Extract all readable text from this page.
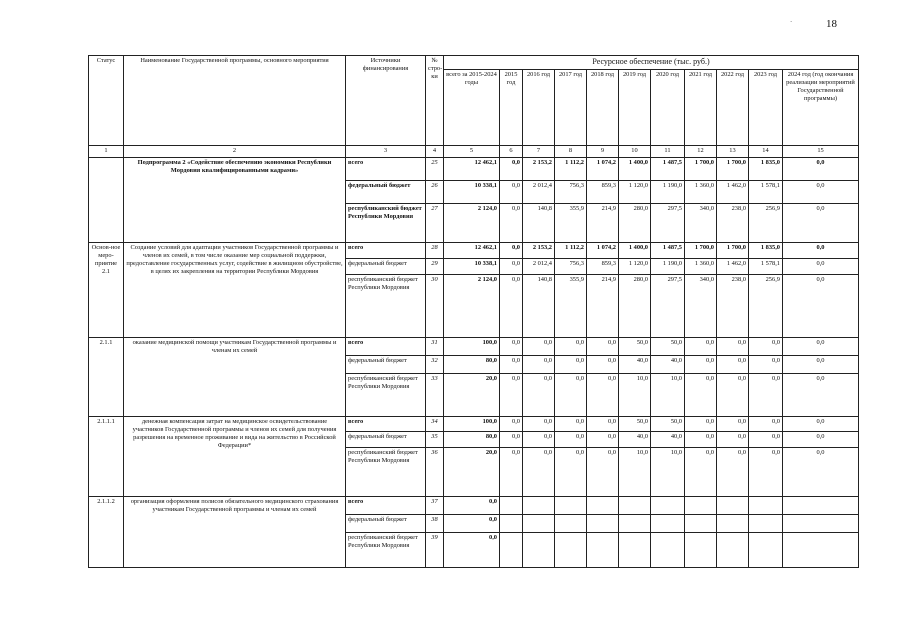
18
`
Статус	Наименование Государственной программы, основного мероприятия	Источники финансирования	№ стро-ки	Ресурсное обеспечение (тыс. руб.)										
				всего за 2015-2024 годы	2015 год	2016 год	2017 год	2018 год	2019 год	2020 год	2021 год	2022 год	2023 год	2024 год (год окончания реализации мероприятий Государственной программы)
1	2	3	4	5	6	7	8	9	10	11	12	13	14	15
	Подпрограмма 2 «Содействие обеспечению экономики Республики Мордовия квалифицированными кадрами»	всего	25	12 462,1	0,0	2 153,2	1 112,2	1 074,2	1 400,0	1 487,5	1 700,0	1 700,0	1 835,0	0,0
		федеральный бюджет	26	10 338,1	0,0	2 012,4	756,3	859,3	1 120,0	1 190,0	1 360,0	1 462,0	1 578,1	0,0
		республиканский бюджет Республики Мордовия	27	2 124,0	0,0	140,8	355,9	214,9	280,0	297,5	340,0	238,0	256,9	0,0
Основ-ное меро-приятие 2.1	Создание условий для адаптации участников Государственной программы и членов их семей, в том числе оказание мер социальной поддержки, предоставление государственных услуг, содействие в жилищном обустройстве, в целях их закрепления на территории Республики Мордовия	всего	28	12 462,1	0,0	2 153,2	1 112,2	1 074,2	1 400,0	1 487,5	1 700,0	1 700,0	1 835,0	0,0
		федеральный бюджет	29	10 338,1	0,0	2 012,4	756,3	859,3	1 120,0	1 190,0	1 360,0	1 462,0	1 578,1	0,0
		республиканский бюджет Республики Мордовия	30	2 124,0	0,0	140,8	355,9	214,9	280,0	297,5	340,0	238,0	256,9	0,0
2.1.1	оказание медицинской помощи участникам Государственной программы и членам их семей	всего	31	100,0	0,0	0,0	0,0	0,0	50,0	50,0	0,0	0,0	0,0	0,0
		федеральный бюджет	32	80,0	0,0	0,0	0,0	0,0	40,0	40,0	0,0	0,0	0,0	0,0
		республиканский бюджет Республики Мордовия	33	20,0	0,0	0,0	0,0	0,0	10,0	10,0	0,0	0,0	0,0	0,0
2.1.1.1	денежная компенсация затрат на медицинское освидетельствование участников Государственной программы и членов их семей для получения разрешения на временное проживание и вида на жительство в Российской Федерации*	всего	34	100,0	0,0	0,0	0,0	0,0	50,0	50,0	0,0	0,0	0,0	0,0
		федеральный бюджет	35	80,0	0,0	0,0	0,0	0,0	40,0	40,0	0,0	0,0	0,0	0,0
		республиканский бюджет Республики Мордовия	36	20,0	0,0	0,0	0,0	0,0	10,0	10,0	0,0	0,0	0,0	0,0
2.1.1.2	организация оформления полисов обязательного медицинского страхования участникам Государственной программы и членам их семей	всего	37	0,0										
		федеральный бюджет	38	0,0										
		республиканский бюджет Республики Мордовия	39	0,0										
